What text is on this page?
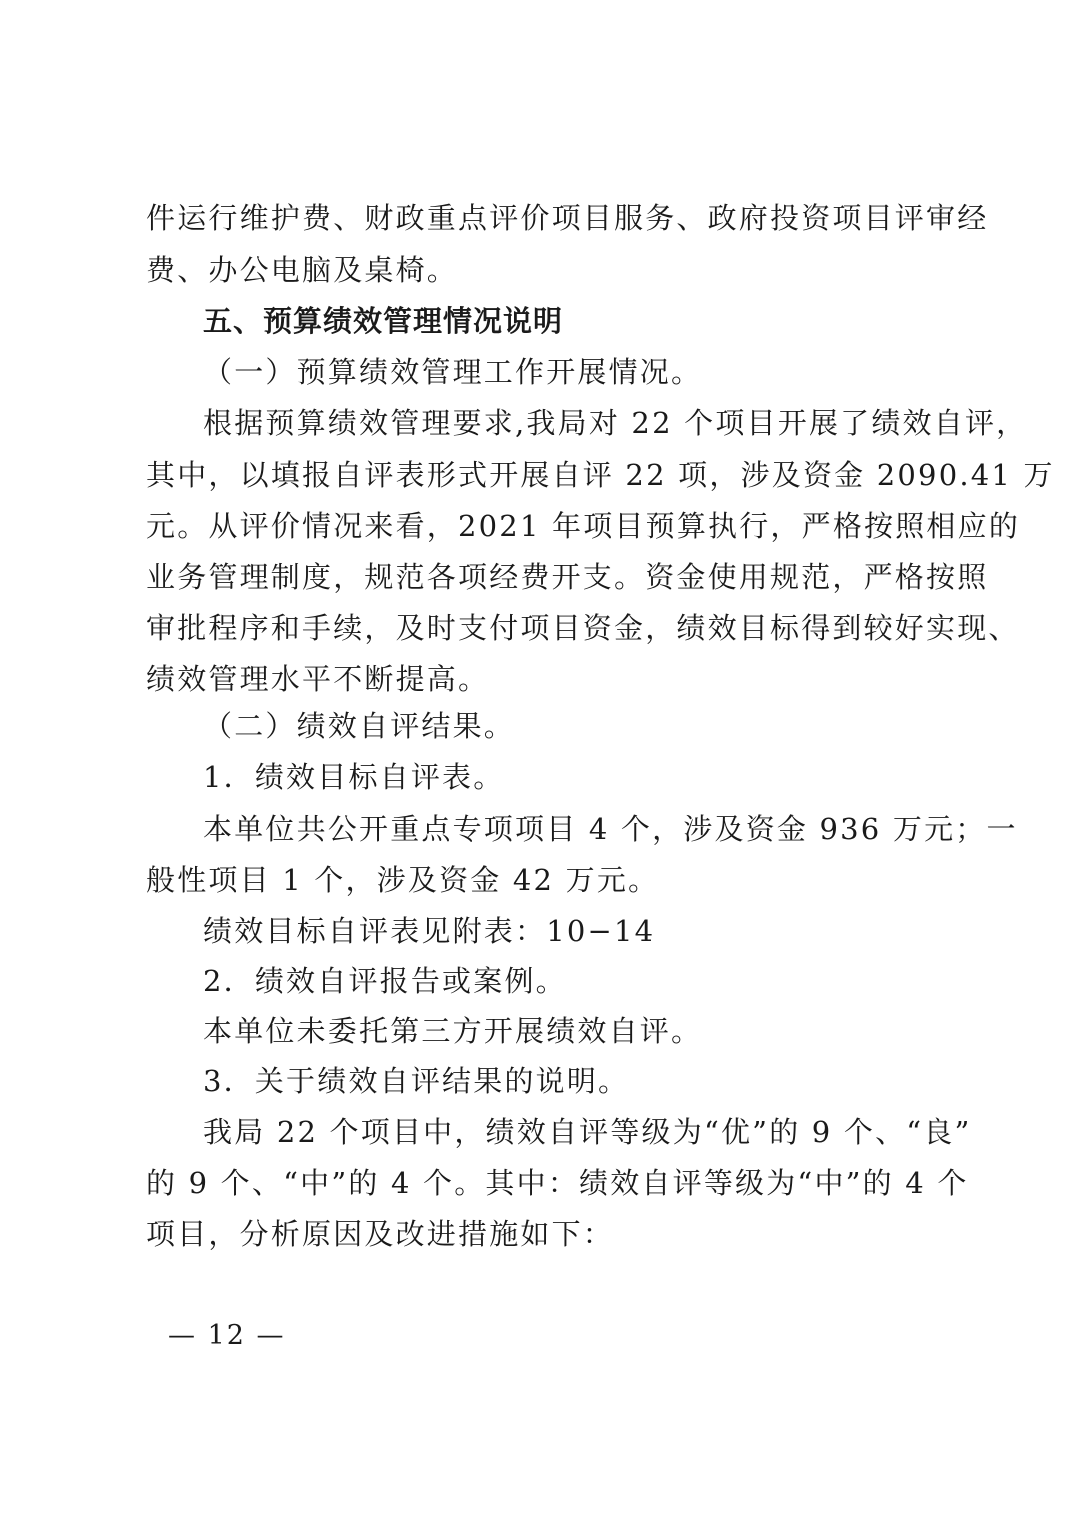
件运行维护费、财政重点评价项目服务、政府投资项目评审经
费、办公电脑及桌椅。
五、预算绩效管理情况说明
（一）预算绩效管理工作开展情况。
根据预算绩效管理要求,我局对 22 个项目开展了绩效自评，
其中，以填报自评表形式开展自评 22 项，涉及资金 2090.41 万
元。从评价情况来看，2021 年项目预算执行，严格按照相应的
业务管理制度，规范各项经费开支。资金使用规范，严格按照
审批程序和手续，及时支付项目资金，绩效目标得到较好实现、
绩效管理水平不断提高。
（二）绩效自评结果。
1．绩效目标自评表。
本单位共公开重点专项项目 4 个，涉及资金 936 万元；一
般性项目 1 个，涉及资金 42 万元。
绩效目标自评表见附表：10−14
2．绩效自评报告或案例。
本单位未委托第三方开展绩效自评。
3．关于绩效自评结果的说明。
我局 22 个项目中，绩效自评等级为“优”的 9 个、“良”
的 9 个、“中”的 4 个。其中：绩效自评等级为“中”的 4 个
项目，分析原因及改进措施如下：
— 12 —
